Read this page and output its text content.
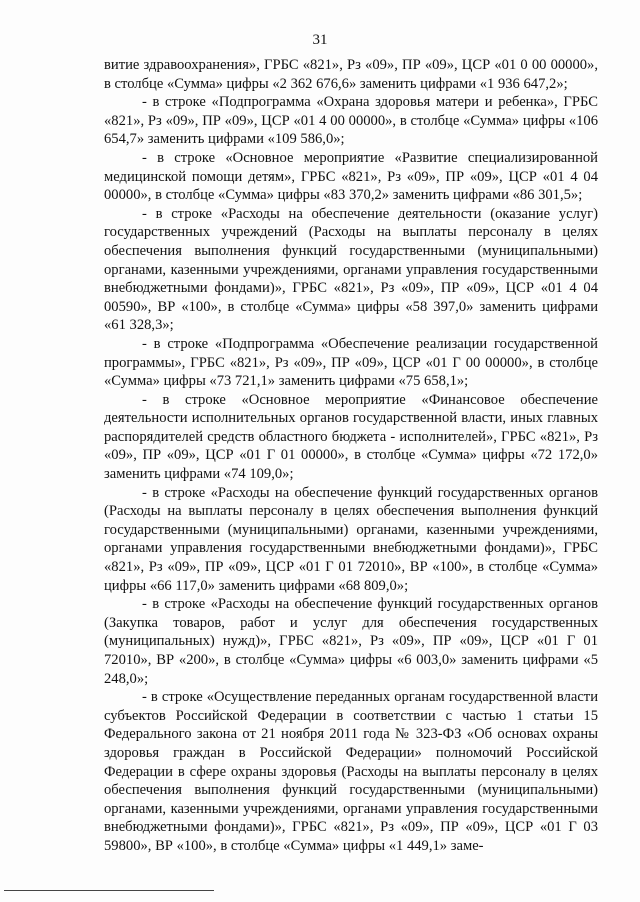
31

витие здравоохранения», ГРБС «821», Рз «09», ПР «09», ЦСР «01 0 00 00000», в столбце «Сумма» цифры «2 362 676,6» заменить цифрами «1 936 647,2»;

- в строке «Подпрограмма «Охрана здоровья матери и ребенка», ГРБС «821», Рз «09», ПР «09», ЦСР «01 4 00 00000», в столбце «Сумма» цифры «106 654,7» заменить цифрами «109 586,0»;

- в строке «Основное мероприятие «Развитие специализированной медицинской помощи детям», ГРБС «821», Рз «09», ПР «09», ЦСР «01 4 04 00000», в столбце «Сумма» цифры «83 370,2» заменить цифрами «86 301,5»;

- в строке «Расходы на обеспечение деятельности (оказание услуг) государственных учреждений (Расходы на выплаты персоналу в целях обеспечения выполнения функций государственными (муниципальными) органами, казенными учреждениями, органами управления государственными внебюджетными фондами)», ГРБС «821», Рз «09», ПР «09», ЦСР «01 4 04 00590», ВР «100», в столбце «Сумма» цифры «58 397,0» заменить цифрами «61 328,3»;

- в строке «Подпрограмма «Обеспечение реализации государственной программы», ГРБС «821», Рз «09», ПР «09», ЦСР «01 Г 00 00000», в столбце «Сумма» цифры «73 721,1» заменить цифрами «75 658,1»;

- в строке «Основное мероприятие «Финансовое обеспечение деятельности исполнительных органов государственной власти, иных главных распорядителей средств областного бюджета - исполнителей», ГРБС «821», Рз «09», ПР «09», ЦСР «01 Г 01 00000», в столбце «Сумма» цифры «72 172,0» заменить цифрами «74 109,0»;

- в строке «Расходы на обеспечение функций государственных органов (Расходы на выплаты персоналу в целях обеспечения выполнения функций государственными (муниципальными) органами, казенными учреждениями, органами управления государственными внебюджетными фондами)», ГРБС «821», Рз «09», ПР «09», ЦСР «01 Г 01 72010», ВР «100», в столбце «Сумма» цифры «66 117,0» заменить цифрами «68 809,0»;

- в строке «Расходы на обеспечение функций государственных органов (Закупка товаров, работ и услуг для обеспечения государственных (муниципальных) нужд)», ГРБС «821», Рз «09», ПР «09», ЦСР «01 Г 01 72010», ВР «200», в столбце «Сумма» цифры «6 003,0» заменить цифрами «5 248,0»;

- в строке «Осуществление переданных органам государственной власти субъектов Российской Федерации в соответствии с частью 1 статьи 15 Федерального закона от 21 ноября 2011 года № 323-ФЗ «Об основах охраны здоровья граждан в Российской Федерации» полномочий Российской Федерации в сфере охраны здоровья (Расходы на выплаты персоналу в целях обеспечения выполнения функций государственными (муниципальными) органами, казенными учреждениями, органами управления государственными внебюджетными фондами)», ГРБС «821», Рз «09», ПР «09», ЦСР «01 Г 03 59800», ВР «100», в столбце «Сумма» цифры «1 449,1» заме-
